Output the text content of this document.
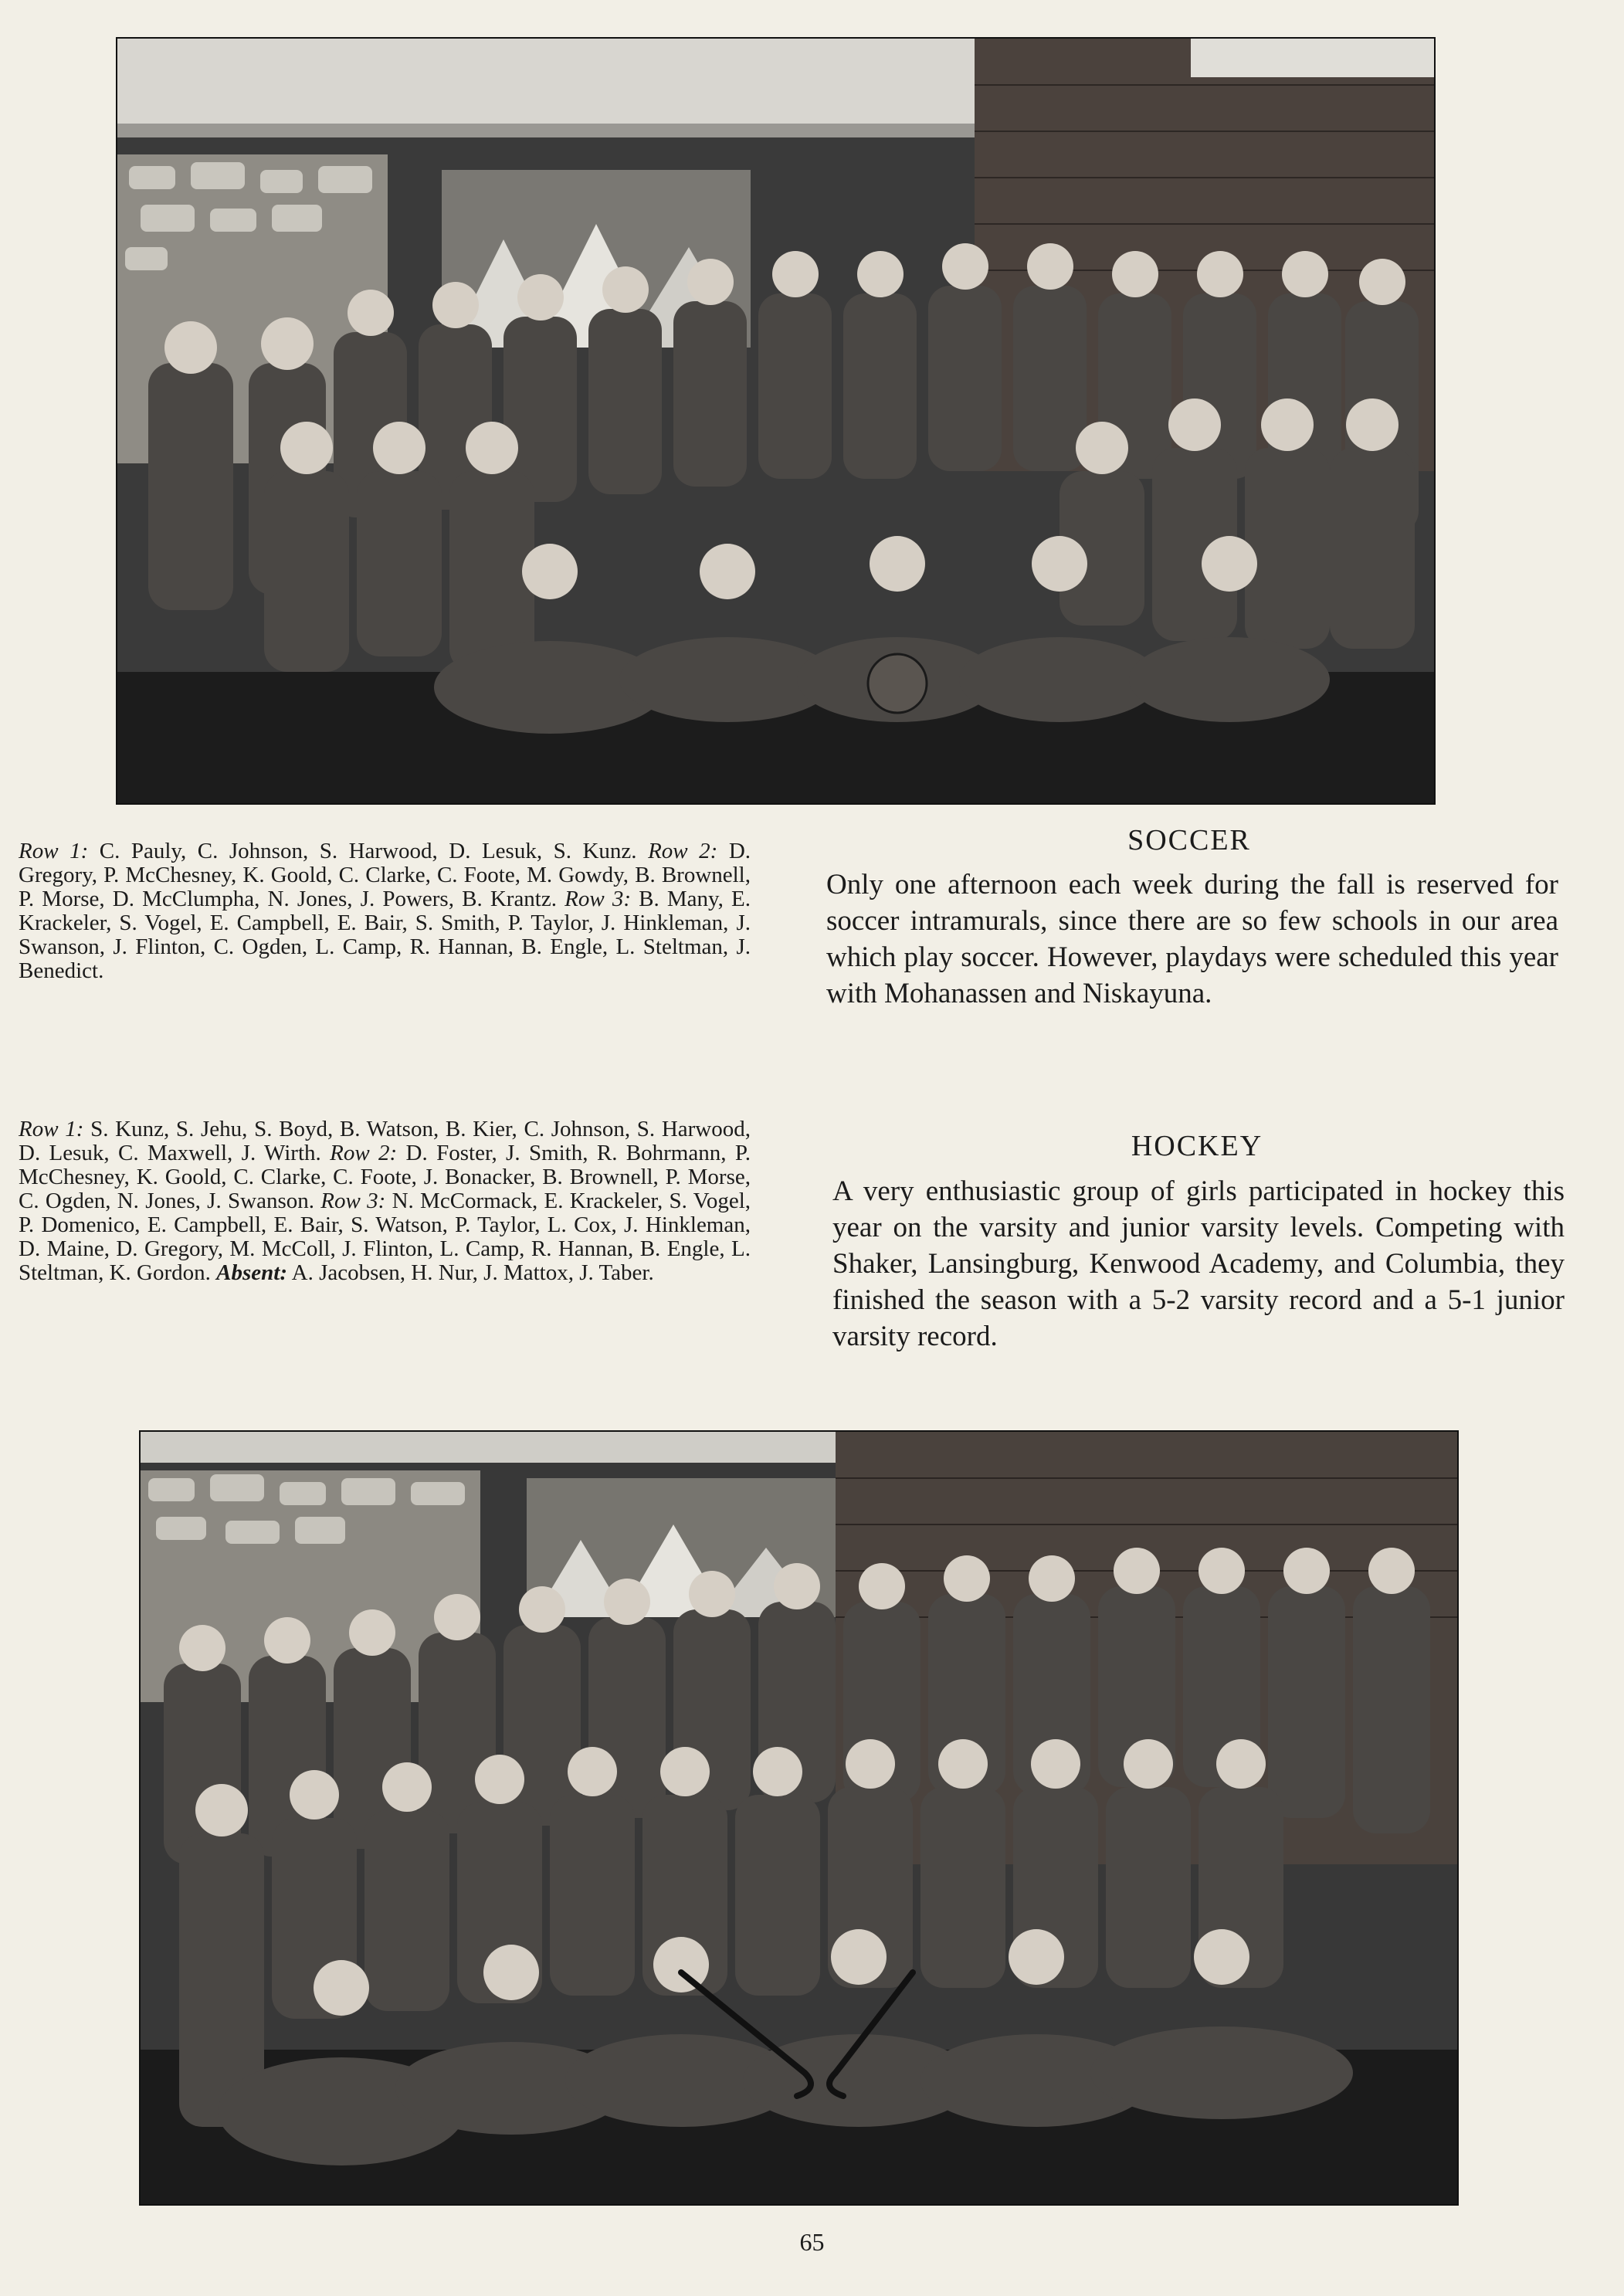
Row 1: C. Pauly, C. Johnson, S. Harwood, D. Lesuk, S. Kunz. Row 2: D. Gregory, P. McChesney, K. Goold, C. Clarke, C. Foote, M. Gowdy, B. Brownell, P. Morse, D. McClumpha, N. Jones, J. Powers, B. Krantz. Row 3: B. Many, E. Krackeler, S. Vogel, E. Campbell, E. Bair, S. Smith, P. Taylor, J. Hinkleman, J. Swanson, J. Flinton, C. Ogden, L. Camp, R. Hannan, B. Engle, L. Steltman, J. Benedict.
SOCCER
Only one afternoon each week during the fall is reserved for soccer intramurals, since there are so few schools in our area which play soccer. However, playdays were scheduled this year with Mohanassen and Niskayuna.
Row 1: S. Kunz, S. Jehu, S. Boyd, B. Watson, B. Kier, C. Johnson, S. Harwood, D. Lesuk, C. Maxwell, J. Wirth. Row 2: D. Foster, J. Smith, R. Bohrmann, P. McChesney, K. Goold, C. Clarke, C. Foote, J. Bonacker, B. Brownell, P. Morse, C. Ogden, N. Jones, J. Swanson. Row 3: N. McCormack, E. Krackeler, S. Vogel, P. Domenico, E. Campbell, E. Bair, S. Watson, P. Taylor, L. Cox, J. Hinkleman, D. Maine, D. Gregory, M. McColl, J. Flinton, L. Camp, R. Hannan, B. Engle, L. Steltman, K. Gordon. Absent: A. Jacobsen, H. Nur, J. Mattox, J. Taber.
HOCKEY
A very enthusiastic group of girls participated in hockey this year on the varsity and junior varsity levels. Competing with Shaker, Lansingburg, Kenwood Academy, and Columbia, they finished the season with a 5-2 varsity record and a 5-1 junior varsity record.
65
